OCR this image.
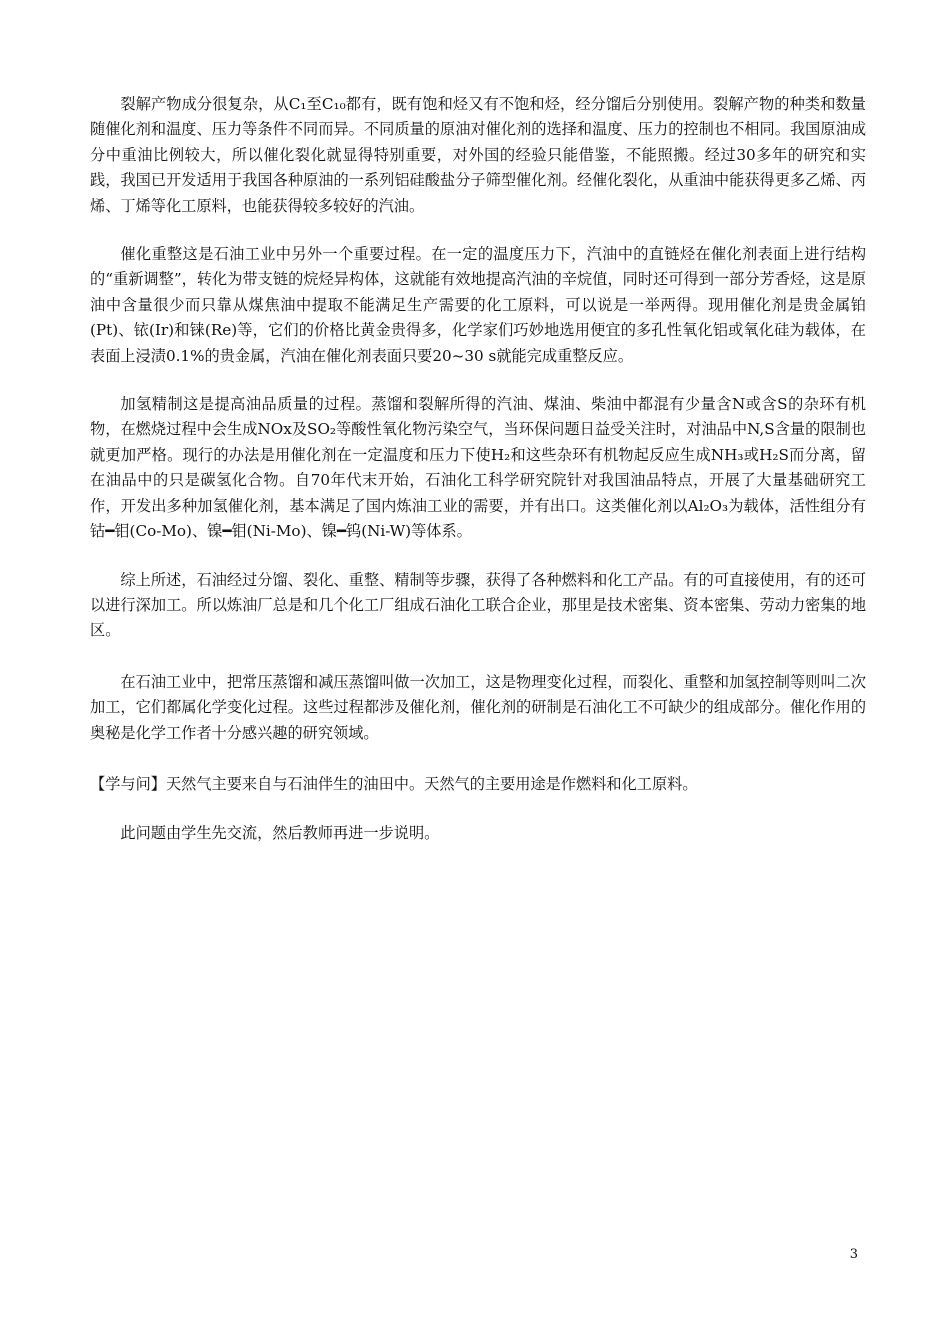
裂解产物成分很复杂，从C₁至C₁₀都有，既有饱和烃又有不饱和烃，经分馏后分别使用。裂解产物的种类和数量随催化剂和温度、压力等条件不同而异。不同质量的原油对催化剂的选择和温度、压力的控制也不相同。我国原油成分中重油比例较大，所以催化裂化就显得特别重要，对外国的经验只能借鉴，不能照搬。经过30多年的研究和实践，我国已开发适用于我国各种原油的一系列铝硅酸盐分子筛型催化剂。经催化裂化，从重油中能获得更多乙烯、丙烯、丁烯等化工原料，也能获得较多较好的汽油。

催化重整这是石油工业中另外一个重要过程。在一定的温度压力下，汽油中的直链烃在催化剂表面上进行结构的“重新调整”，转化为带支链的烷烃异构体，这就能有效地提高汽油的辛烷值，同时还可得到一部分芳香烃，这是原油中含量很少而只靠从煤焦油中提取不能满足生产需要的化工原料，可以说是一举两得。现用催化剂是贵金属铂(Pt)、铱(Ir)和铼(Re)等，它们的价格比黄金贵得多，化学家们巧妙地选用便宜的多孔性氧化铝或氧化硅为载体，在表面上浸渍0.1%的贵金属，汽油在催化剂表面只要20~30 s就能完成重整反应。

加氢精制这是提高油品质量的过程。蒸馏和裂解所得的汽油、煤油、柴油中都混有少量含N或含S的杂环有机物，在燃烧过程中会生成NOx及SO₂等酸性氧化物污染空气，当环保问题日益受关注时，对油品中N,S含量的限制也就更加严格。现行的办法是用催化剂在一定温度和压力下使H₂和这些杂环有机物起反应生成NH₃或H₂S而分离，留在油品中的只是碳氢化合物。自70年代末开始，石油化工科学研究院针对我国油品特点，开展了大量基础研究工作，开发出多种加氢催化剂，基本满足了国内炼油工业的需要，并有出口。这类催化剂以Al₂O₃为载体，活性组分有钴━钼(Co-Mo)、镍━钼(Ni-Mo)、镍━钨(Ni-W)等体系。

综上所述，石油经过分馏、裂化、重整、精制等步骤，获得了各种燃料和化工产品。有的可直接使用，有的还可以进行深加工。所以炼油厂总是和几个化工厂组成石油化工联合企业，那里是技术密集、资本密集、劳动力密集的地区。

在石油工业中，把常压蒸馏和减压蒸馏叫做一次加工，这是物理变化过程，而裂化、重整和加氢控制等则叫二次加工，它们都属化学变化过程。这些过程都涉及催化剂，催化剂的研制是石油化工不可缺少的组成部分。催化作用的奥秘是化学工作者十分感兴趣的研究领域。

【学与问】天然气主要来自与石油伴生的油田中。天然气的主要用途是作燃料和化工原料。

此问题由学生先交流，然后教师再进一步说明。

3
